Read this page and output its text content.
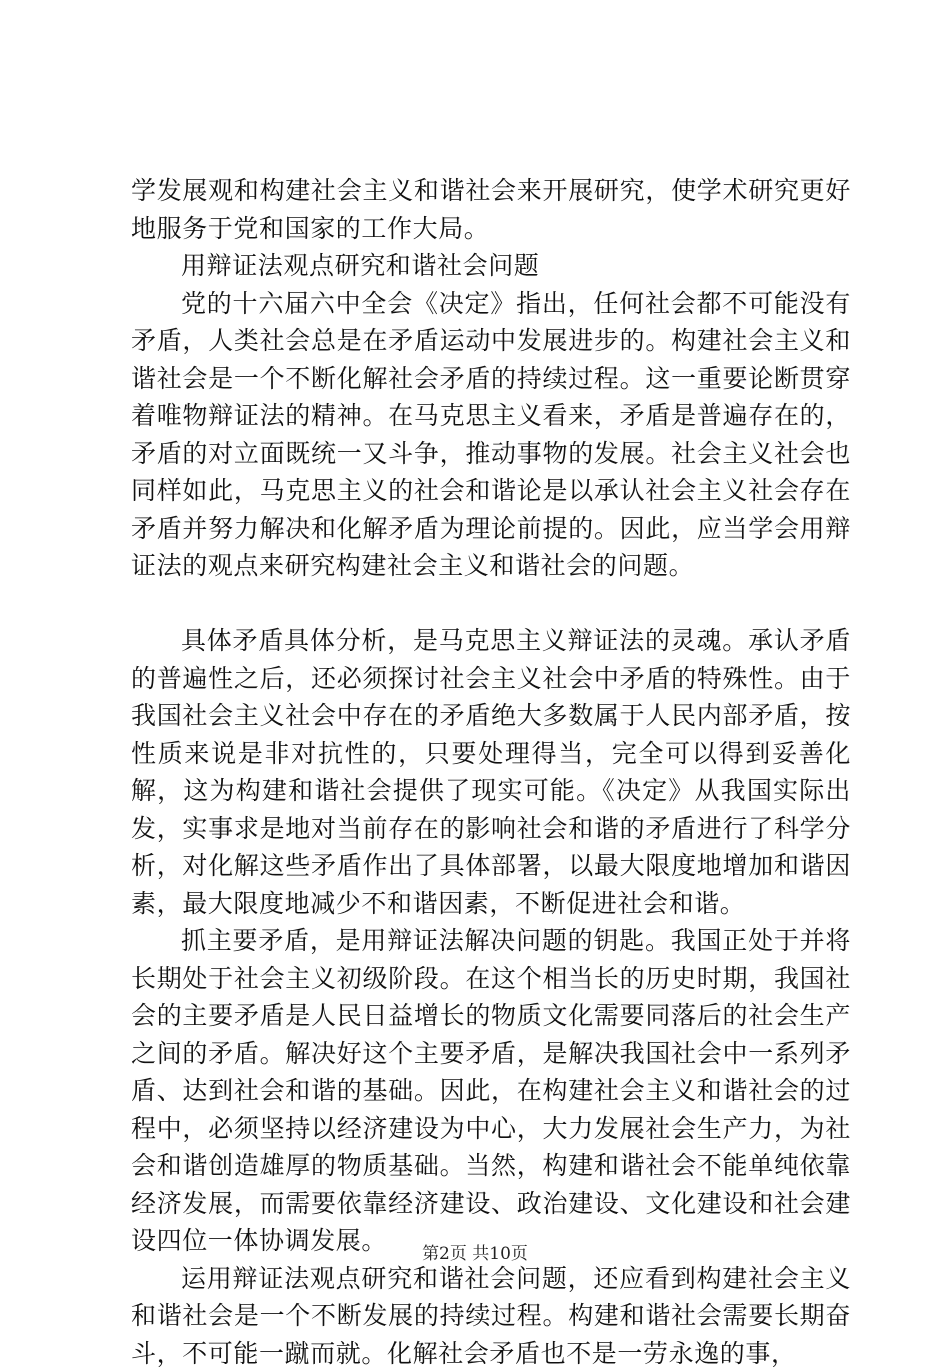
学发展观和构建社会主义和谐社会来开展研究，使学术研究更好地服务于党和国家的工作大局。

用辩证法观点研究和谐社会问题

党的十六届六中全会《决定》指出，任何社会都不可能没有矛盾，人类社会总是在矛盾运动中发展进步的。构建社会主义和谐社会是一个不断化解社会矛盾的持续过程。这一重要论断贯穿着唯物辩证法的精神。在马克思主义看来，矛盾是普遍存在的，矛盾的对立面既统一又斗争，推动事物的发展。社会主义社会也同样如此，马克思主义的社会和谐论是以承认社会主义社会存在矛盾并努力解决和化解矛盾为理论前提的。因此，应当学会用辩证法的观点来研究构建社会主义和谐社会的问题。

具体矛盾具体分析，是马克思主义辩证法的灵魂。承认矛盾的普遍性之后，还必须探讨社会主义社会中矛盾的特殊性。由于我国社会主义社会中存在的矛盾绝大多数属于人民内部矛盾，按性质来说是非对抗性的，只要处理得当，完全可以得到妥善化解，这为构建和谐社会提供了现实可能。《决定》从我国实际出发，实事求是地对当前存在的影响社会和谐的矛盾进行了科学分析，对化解这些矛盾作出了具体部署，以最大限度地增加和谐因素，最大限度地减少不和谐因素，不断促进社会和谐。

抓主要矛盾，是用辩证法解决问题的钥匙。我国正处于并将长期处于社会主义初级阶段。在这个相当长的历史时期，我国社会的主要矛盾是人民日益增长的物质文化需要同落后的社会生产之间的矛盾。解决好这个主要矛盾，是解决我国社会中一系列矛盾、达到社会和谐的基础。因此，在构建社会主义和谐社会的过程中，必须坚持以经济建设为中心，大力发展社会生产力，为社会和谐创造雄厚的物质基础。当然，构建和谐社会不能单纯依靠经济发展，而需要依靠经济建设、政治建设、文化建设和社会建设四位一体协调发展。

运用辩证法观点研究和谐社会问题，还应看到构建社会主义和谐社会是一个不断发展的持续过程。构建和谐社会需要长期奋斗，不可能一蹴而就。化解社会矛盾也不是一劳永逸的事，

第2页 共10页
